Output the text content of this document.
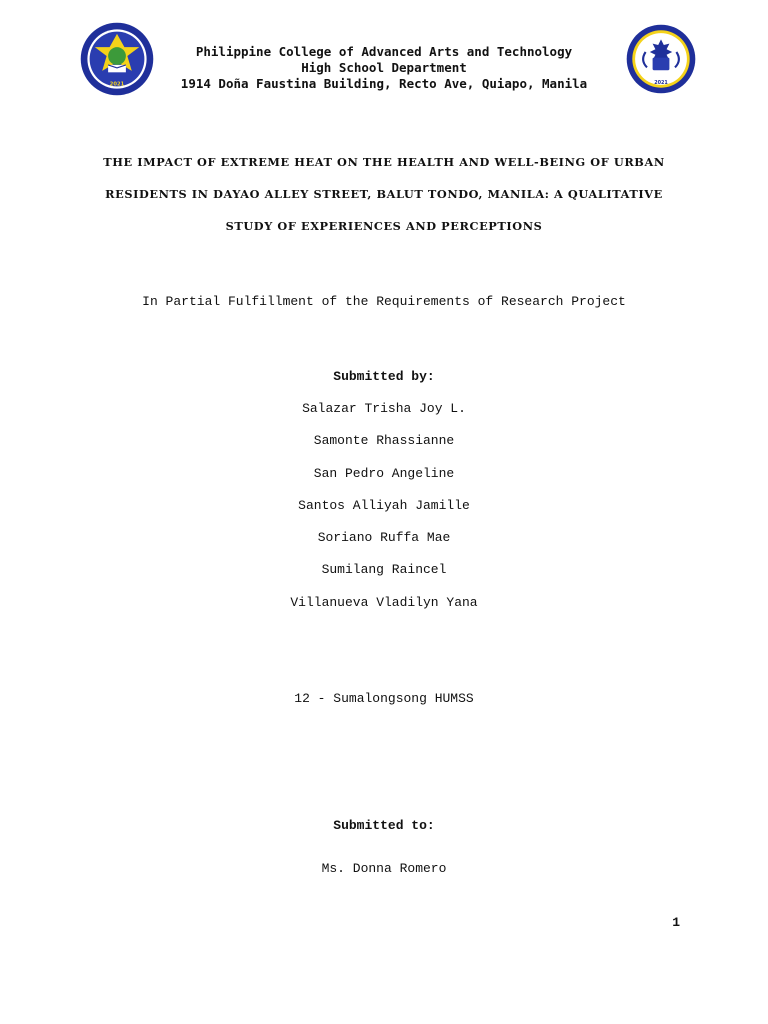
2021
Philippine College of Advanced Arts and Technology
High School Department
1914 Doña Faustina Building, Recto Ave, Quiapo, Manila	2021
THE IMPACT OF EXTREME HEAT ON THE HEALTH AND WELL-BEING OF URBAN
RESIDENTS IN DAYAO ALLEY STREET, BALUT TONDO, MANILA: A QUALITATIVE
STUDY OF EXPERIENCES AND PERCEPTIONS
In Partial Fulfillment of the Requirements of Research Project
Submitted by:
Salazar Trisha Joy L.
Samonte Rhassianne
San Pedro Angeline
Santos Alliyah Jamille
Soriano Ruffa Mae
Sumilang Raincel
Villanueva Vladilyn Yana
12 - Sumalongsong HUMSS
Submitted to:
Ms. Donna Romero
1
